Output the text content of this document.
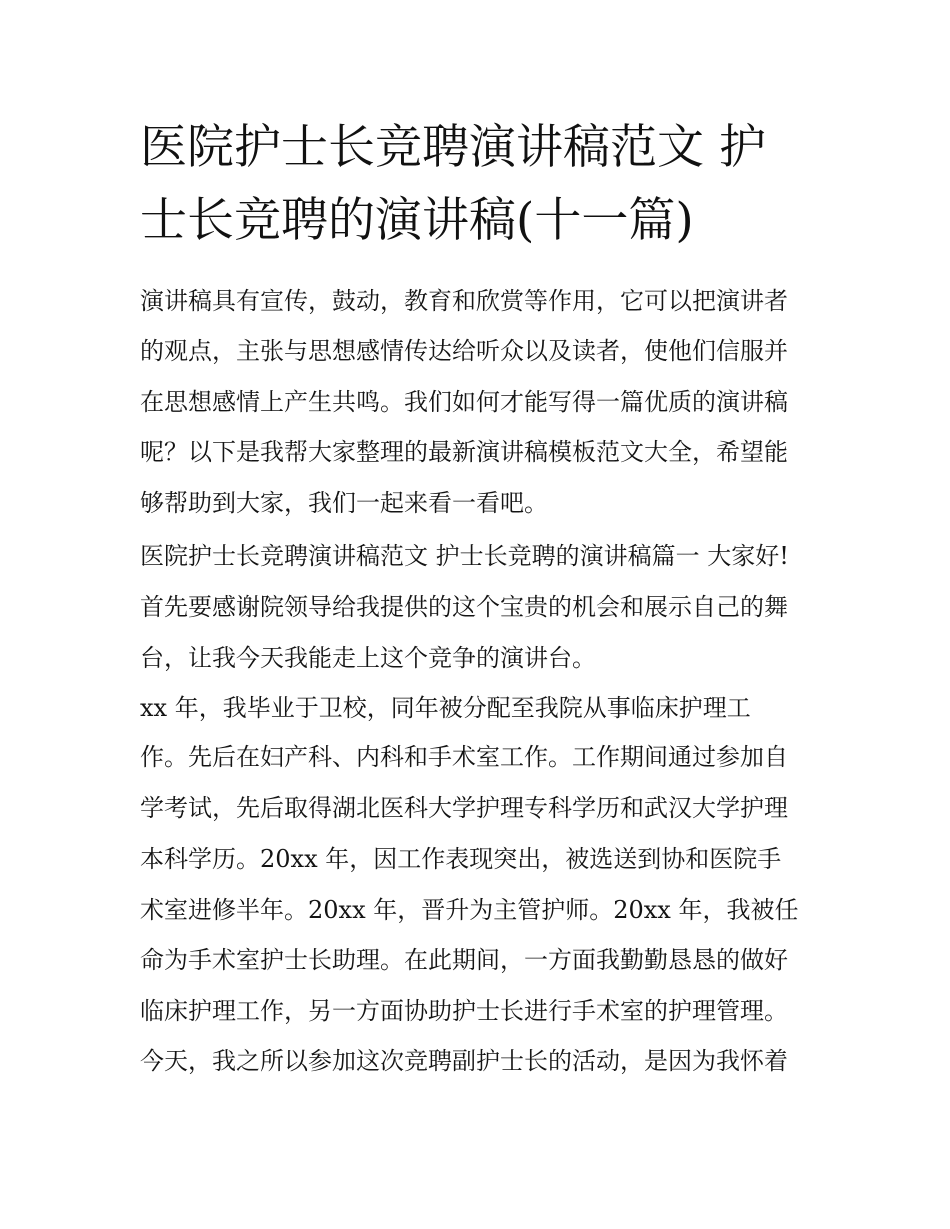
医院护士长竞聘演讲稿范文 护
士长竞聘的演讲稿(十一篇)

演讲稿具有宣传，鼓动，教育和欣赏等作用，它可以把演讲者

的观点，主张与思想感情传达给听众以及读者，使他们信服并

在思想感情上产生共鸣。我们如何才能写得一篇优质的演讲稿

呢？以下是我帮大家整理的最新演讲稿模板范文大全，希望能

够帮助到大家，我们一起来看一看吧。

医院护士长竞聘演讲稿范文 护士长竞聘的演讲稿篇一 大家好!

首先要感谢院领导给我提供的这个宝贵的机会和展示自己的舞

台，让我今天我能走上这个竞争的演讲台。

xx 年，我毕业于卫校，同年被分配至我院从事临床护理工

作。先后在妇产科、内科和手术室工作。工作期间通过参加自

学考试，先后取得湖北医科大学护理专科学历和武汉大学护理

本科学历。20xx 年，因工作表现突出，被选送到协和医院手

术室进修半年。20xx 年，晋升为主管护师。20xx 年，我被任

命为手术室护士长助理。在此期间，一方面我勤勤恳恳的做好

临床护理工作，另一方面协助护士长进行手术室的护理管理。

今天，我之所以参加这次竞聘副护士长的活动，是因为我怀着
